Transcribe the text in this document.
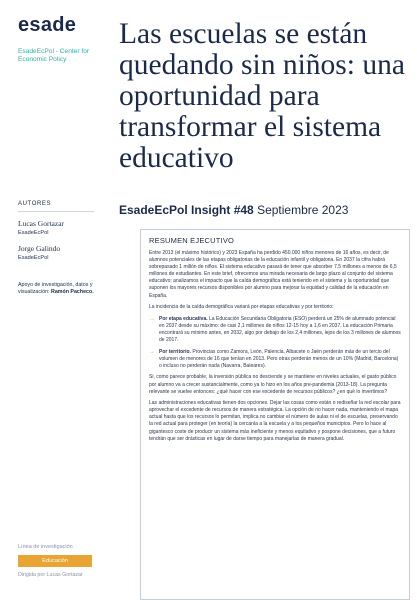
esade
EsadeEcPol - Center for Economic Policy
AUTORES
Lucas Gortazar
EsadeEcPol
Jorge Galindo
EsadeEcPol
Apoyo de investigación, datos y visualización: Ramón Pacheco.
Línea de investigación
Educación
Dirigida por Lucas Gortazar
Las escuelas se están quedando sin niños: una oportunidad para transformar el sistema educativo
EsadeEcPol Insight #48 Septiembre 2023
RESUMEN EJECUTIVO

Entre 2013 (el máximo histórico) y 2023 España ha perdido 450.000 niños menores de 16 años, es decir, de alumnos potenciales de las etapas obligatorias de la educación infantil y obligatoria. En 2037 la cifra habrá sobrepasado 1 millón de niños. El sistema educativo pasará de tener que absorber 7,5 millones a menos de 6,5 millones de estudiantes. En este brief, ofrecemos una mirada necesaria de largo plazo al conjunto del sistema educativo; analizamos el impacto que la caída demográfica está teniendo en el sistema y la oportunidad que suponen los mayores recursos disponibles por alumno para mejorar la equidad y calidad de la educación en España.

La incidencia de la caída demográfica variará por etapas educativas y por territorio:

→ Por etapa educativa. La Educación Secundaria Obligatoria (ESO) perderá un 25% de alumnado potencial en 2037 desde su máximo: de casi 2,1 millones de niños 12-15 hoy a 1,6 en 2037. La educación Primaria encontrará su mínimo antes, en 2032, algo por debajo de los 2,4 millones, lejos de los 3 millones de alumnos de 2017.
→ Por territorio. Provincias como Zamora, León, Palencia, Albacete o Jaén perderán más de un tercio del volumen de menores de 16 que tenían en 2013. Pero otras perderán menos de un 10% (Madrid, Barcelona) o incluso no perderán nada (Navarra, Baleares).

Si, como parece probable, la inversión pública no desciende y se mantiene en niveles actuales, el gasto público por alumno va a crecer sustancialmente, como ya lo hizo en los años pre-pandemia (2013-18). La pregunta relevante se vuelve entonces: ¿qué hacer con ese excedente de recursos públicos? ¿en qué lo invertimos?

Las administraciones educativas tienen dos opciones. Dejar las cosas como están o rediseñar la red escolar para aprovechar el excedente de recursos de manera estratégica. La opción de no hacer nada, manteniendo el mapa actual hasta que los recursos lo permitan, implica no cambiar el número de aulas ni el de escuelas, preservando la red actual para proteger (en teoría) la cercanía a la escuela y a los pequeños municipios. Pero lo hace al gigantesco coste de producir un sistema más ineficiente y menos equitativo y pospone decisiones, que a futuro tendrán que ser drásticas en lugar de darse tiempo para manejarlas de manera gradual.
